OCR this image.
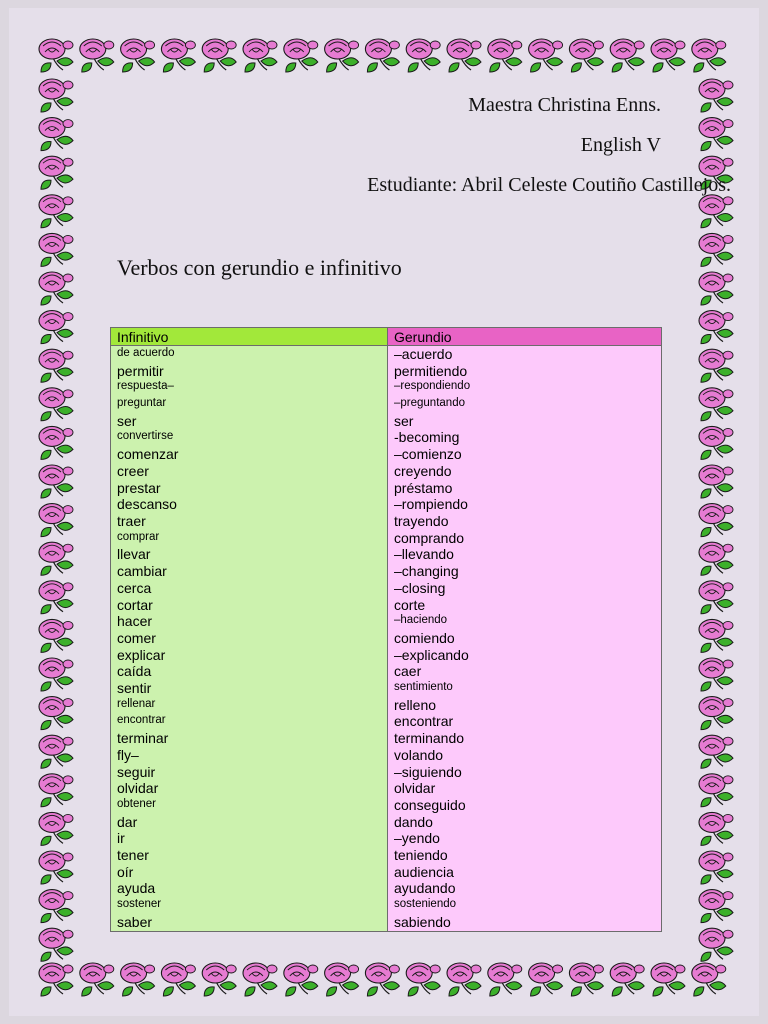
Maestra Christina Enns.
English V
Estudiante: Abril Celeste Coutiño Castillejos.
Verbos con gerundio e infinitivo
Infinitivo	Gerundio
de acuerdo	–acuerdo
permitir	permitiendo
respuesta–	–respondiendo
preguntar	–preguntando
ser	ser
convertirse	-becoming
comenzar	–comienzo
creer	creyendo
prestar	préstamo
descanso	–rompiendo
traer	trayendo
comprar	comprando
llevar	–llevando
cambiar	–changing
cerca	–closing
cortar	corte
hacer	–haciendo
comer	comiendo
explicar	–explicando
caída	caer
sentir	sentimiento
rellenar	relleno
encontrar	encontrar
terminar	terminando
fly–	volando
seguir	–siguiendo
olvidar	olvidar
obtener	conseguido
dar	dando
ir	–yendo
tener	teniendo
oír	audiencia
ayuda	ayudando
sostener	sosteniendo
saber	sabiendo
